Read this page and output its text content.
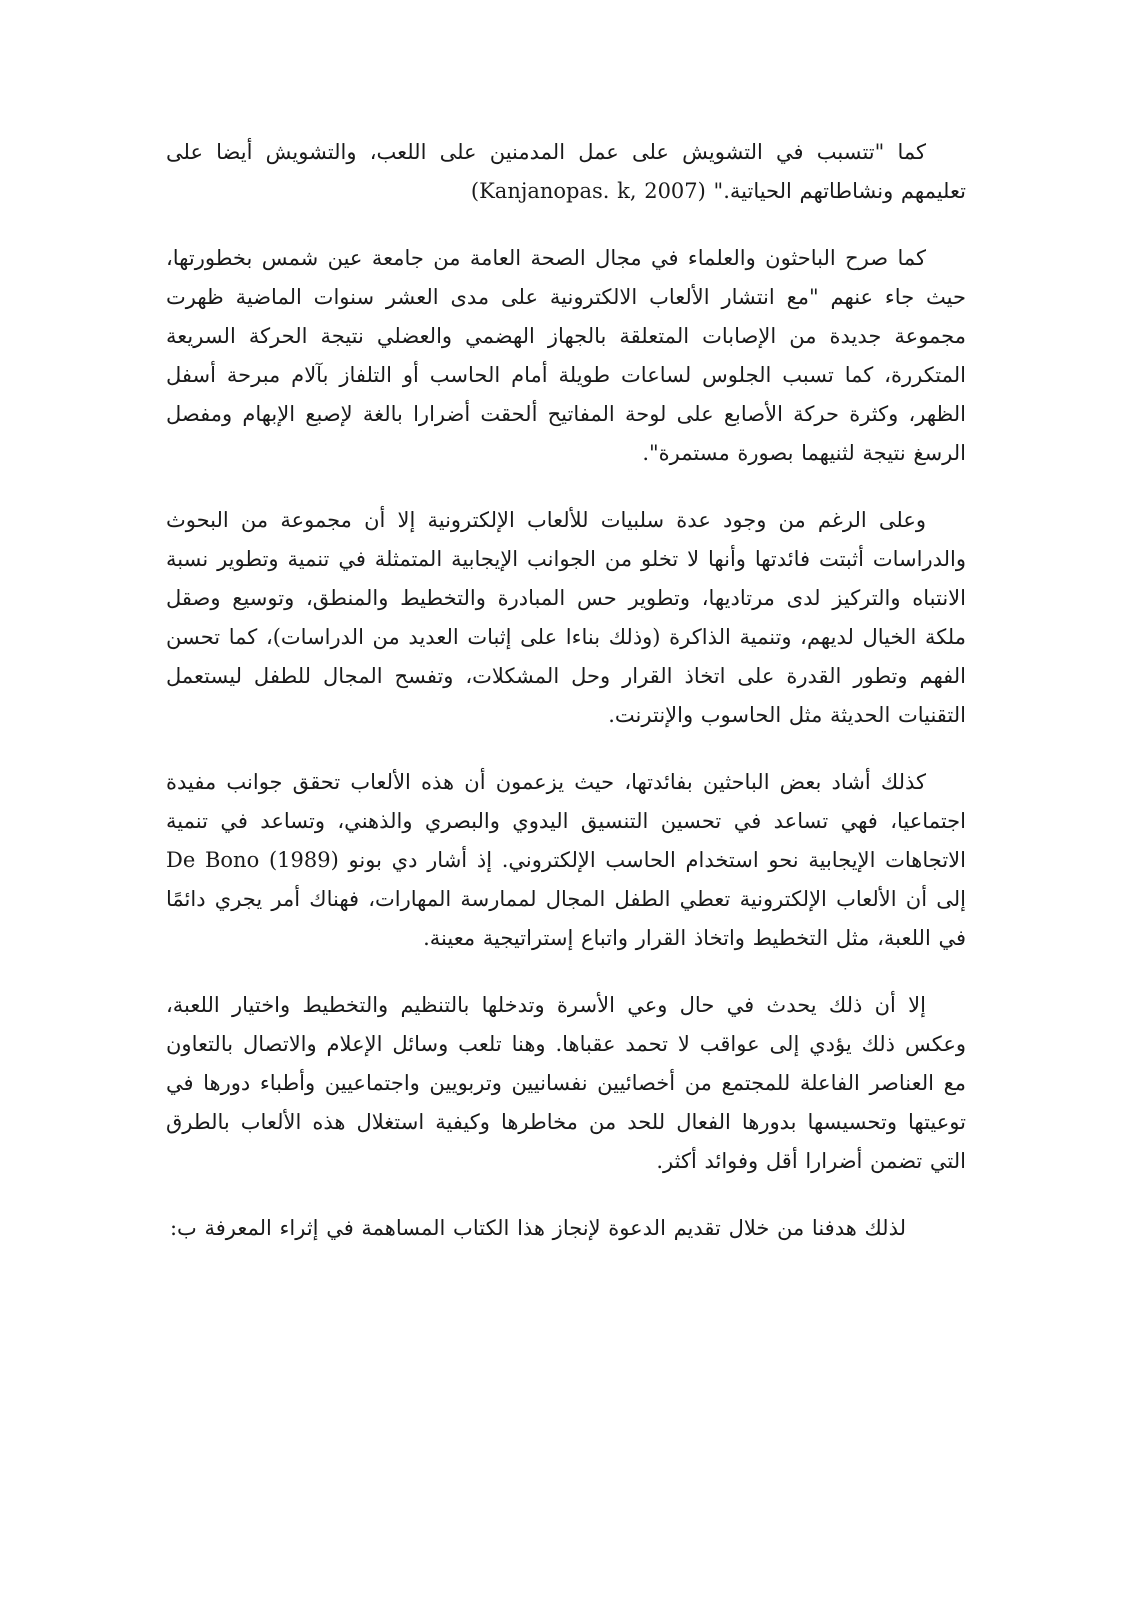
كما "تتسبب في التشويش على عمل المدمنين على اللعب، والتشويش أيضا على تعليمهم ونشاطاتهم الحياتية." (Kanjanopas. k, 2007)

كما صرح الباحثون والعلماء في مجال الصحة العامة من جامعة عين شمس بخطورتها، حيث جاء عنهم "مع انتشار الألعاب الالكترونية على مدى العشر سنوات الماضية ظهرت مجموعة جديدة من الإصابات المتعلقة بالجهاز الهضمي والعضلي نتيجة الحركة السريعة المتكررة، كما تسبب الجلوس لساعات طويلة أمام الحاسب أو التلفاز بآلام مبرحة أسفل الظهر، وكثرة حركة الأصابع على لوحة المفاتيح ألحقت أضرارا بالغة لإصبع الإبهام ومفصل الرسغ نتيجة لثنيهما بصورة مستمرة".

وعلى الرغم من وجود عدة سلبيات للألعاب الإلكترونية إلا أن مجموعة من البحوث والدراسات أثبتت فائدتها وأنها لا تخلو من الجوانب الإيجابية المتمثلة في تنمية وتطوير نسبة الانتباه والتركيز لدى مرتاديها، وتطوير حس المبادرة والتخطيط والمنطق، وتوسيع وصقل ملكة الخيال لديهم، وتنمية الذاكرة (وذلك بناءا على إثبات العديد من الدراسات)، كما تحسن الفهم وتطور القدرة على اتخاذ القرار وحل المشكلات، وتفسح المجال للطفل ليستعمل التقنيات الحديثة مثل الحاسوب والإنترنت.

كذلك أشاد بعض الباحثين بفائدتها، حيث يزعمون أن هذه الألعاب تحقق جوانب مفيدة اجتماعيا، فهي تساعد في تحسين التنسيق اليدوي والبصري والذهني، وتساعد في تنمية الاتجاهات الإيجابية نحو استخدام الحاسب الإلكتروني. إذ أشار دي بونو (1989) De Bono إلى أن الألعاب الإلكترونية تعطي الطفل المجال لممارسة المهارات، فهناك أمر يجري دائمًا في اللعبة، مثل التخطيط واتخاذ القرار واتباع إستراتيجية معينة.

إلا أن ذلك يحدث في حال وعي الأسرة وتدخلها بالتنظيم والتخطيط واختيار اللعبة، وعكس ذلك يؤدي إلى عواقب لا تحمد عقباها. وهنا تلعب وسائل الإعلام والاتصال بالتعاون مع العناصر الفاعلة للمجتمع من أخصائيين نفسانيين وتربويين واجتماعيين وأطباء دورها في توعيتها وتحسيسها بدورها الفعال للحد من مخاطرها وكيفية استغلال هذه الألعاب بالطرق التي تضمن أضرارا أقل وفوائد أكثر.

لذلك هدفنا من خلال تقديم الدعوة لإنجاز هذا الكتاب المساهمة في إثراء المعرفة ب:
